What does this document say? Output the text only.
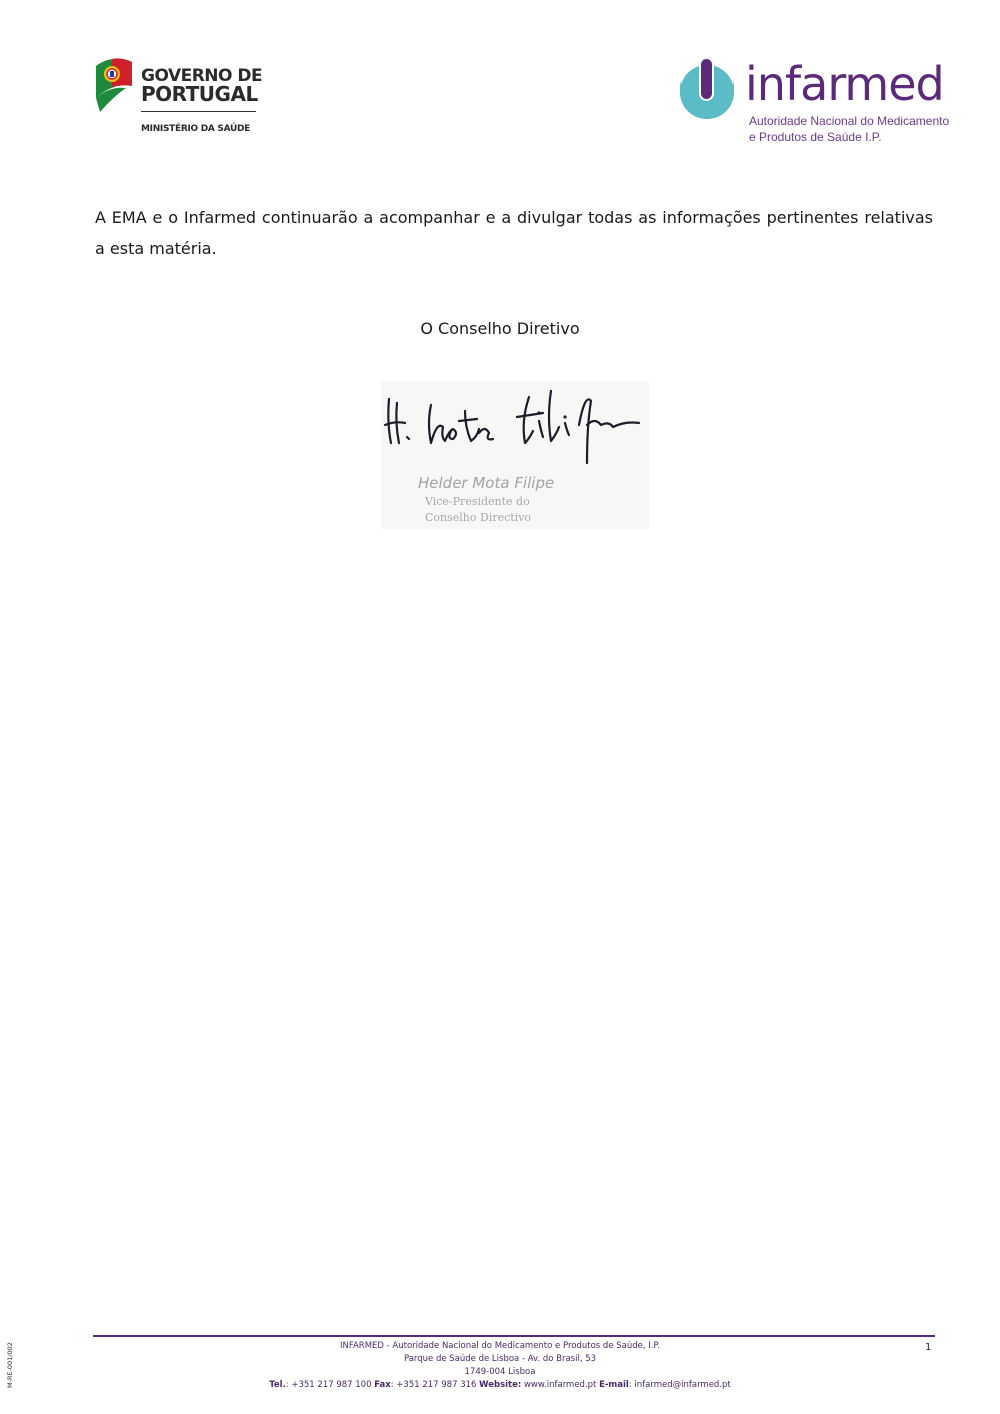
GOVERNO DE
PORTUGAL
MINISTÉRIO DA SAÚDE
infarmed
Autoridade Nacional do Medicamento
e Produtos de Saúde I.P.
A EMA e o Infarmed continuarão a acompanhar e a divulgar todas as informações pertinentes relativas a esta matéria.
O Conselho Diretivo
Helder Mota Filipe
Vice-Presidente do
Conselho Directivo
INFARMED - Autoridade Nacional do Medicamento e Produtos de Saúde, I.P.
Parque de Saúde de Lisboa - Av. do Brasil, 53
1749-004 Lisboa
Tel.: +351 217 987 100 Fax: +351 217 987 316 Website: www.infarmed.pt E-mail: infarmed@infarmed.pt
1
M-RE-001/002
